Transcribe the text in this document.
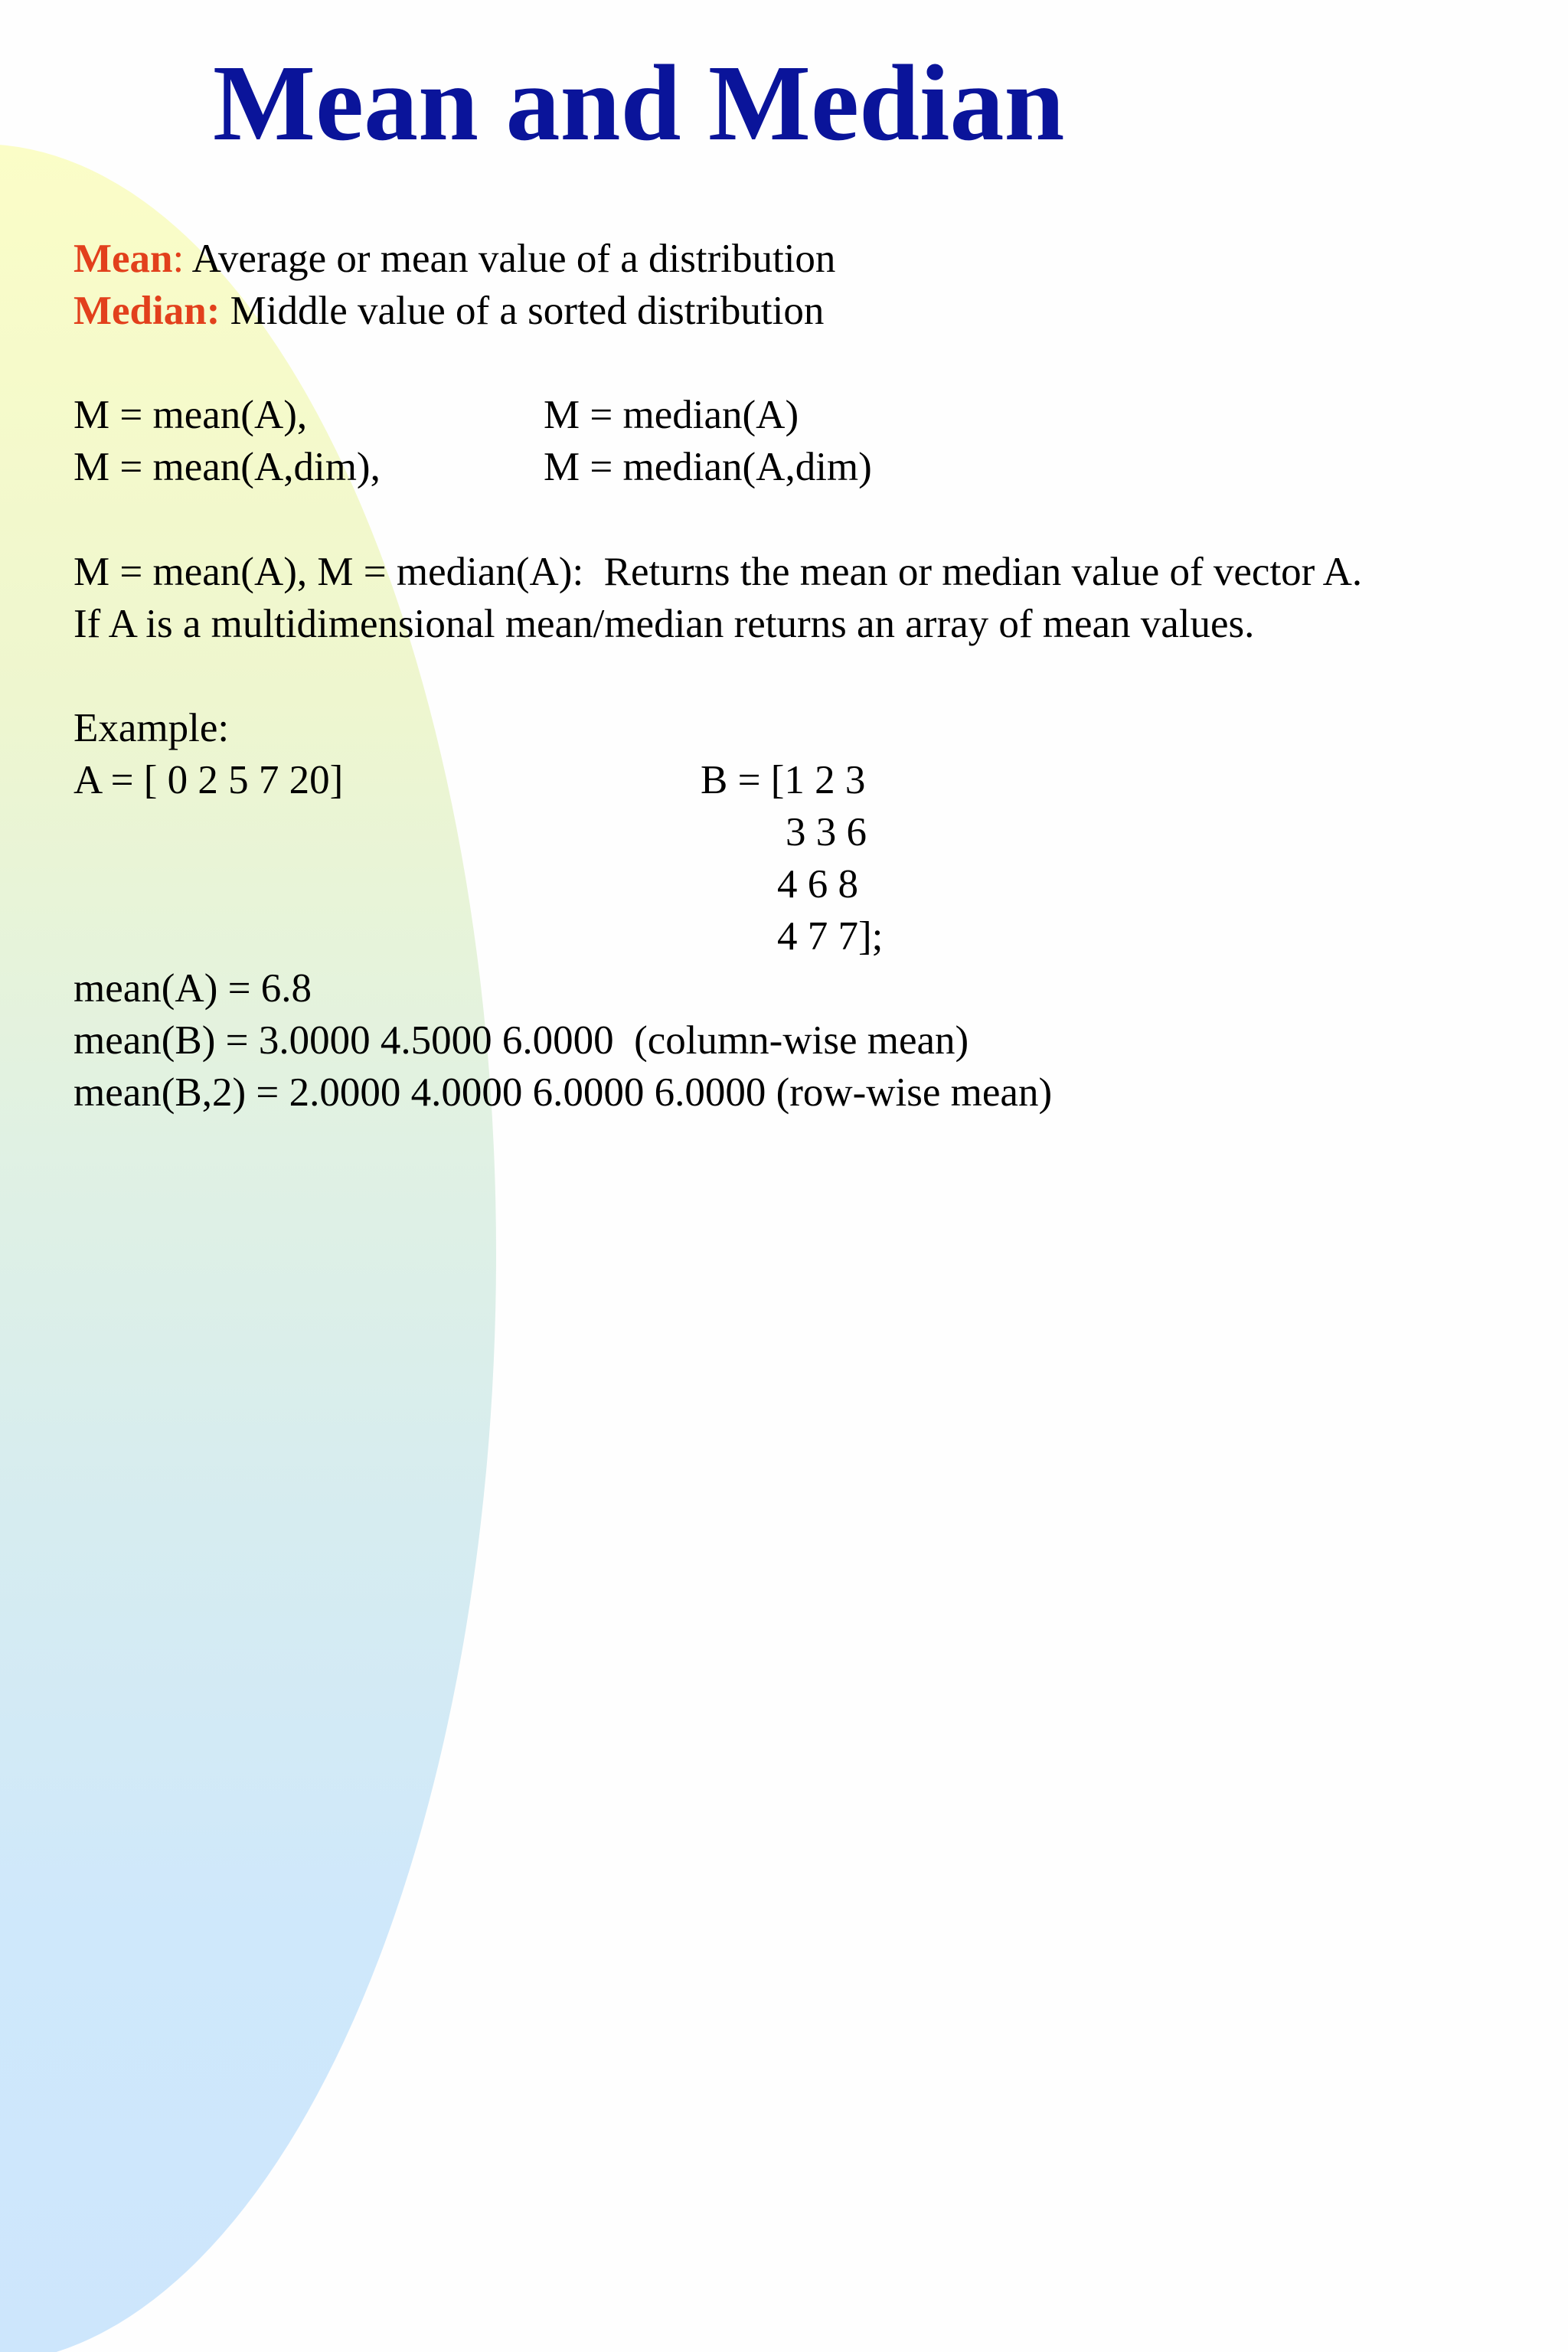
Mean and Median

Mean: Average or mean value of a distribution

Median: Middle value of a sorted distribution

M = mean(A),	M = median(A)

M = mean(A,dim),	M = median(A,dim)

M = mean(A), M = median(A):  Returns the mean or median value of vector A.

If A is a multidimensional mean/median returns an array of mean values.

Example:

A = [ 0 2 5 7 20]	B = [1 2 3

3 3 6

4 6 8

4 7 7];

mean(A) = 6.8

mean(B) = 3.0000 4.5000 6.0000  (column-wise mean)

mean(B,2) = 2.0000 4.0000 6.0000 6.0000 (row-wise mean)
